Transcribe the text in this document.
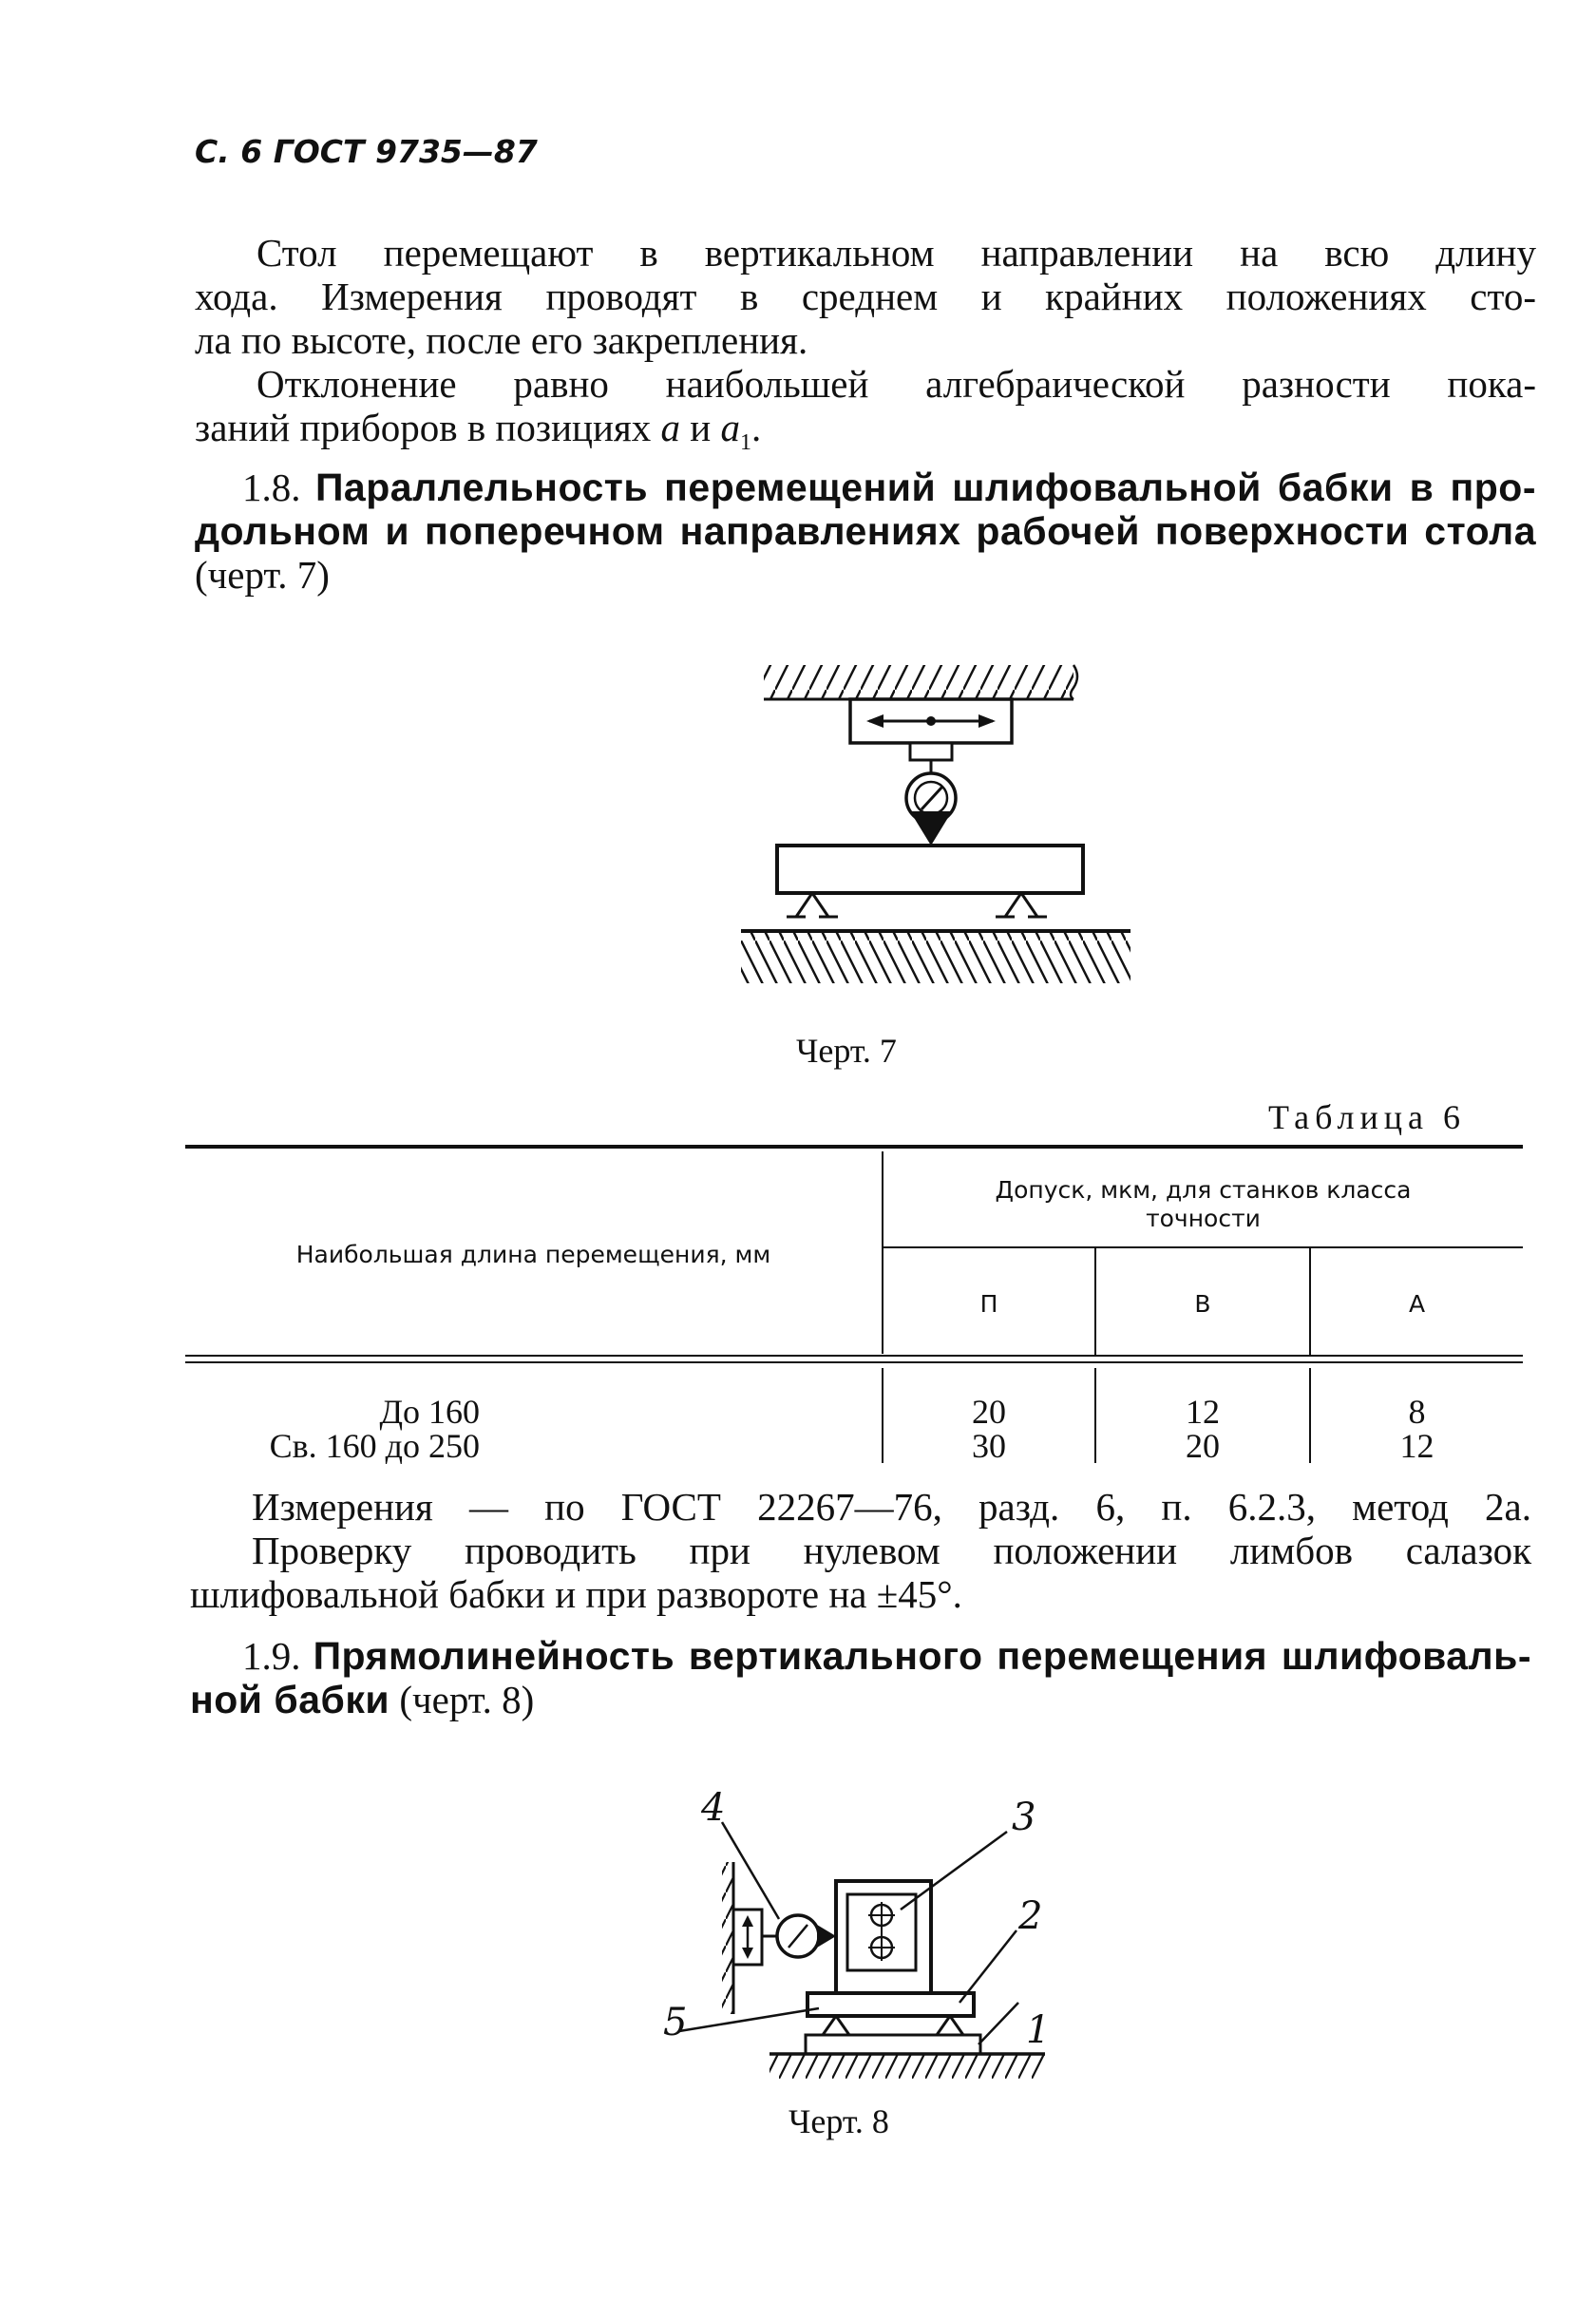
С. 6 ГОСТ 9735—87
Стол перемещают в вертикальном направлении на всю длину
хода. Измерения проводят в среднем и крайних положениях сто-
ла по высоте, после его закрепления.
Отклонение равно наибольшей алгебраической разности пока-
заний приборов в позициях a и $a_1$.
1.8. Параллельность перемещений шлифовальной бабки в про-
дольном и поперечном направлениях рабочей поверхности стола
(черт. 7)
Черт. 7
Таблица 6
Допуск, мкм, для станков класса
точности
Наибольшая длина перемещения, мм
П	В	А
До 160
Св. 160 до 250
20
30
12
20
8
12
Измерения — по ГОСТ 22267—76, разд. 6, п. 6.2.3, метод 2а.
Проверку проводить при нулевом положении лимбов салазок
шлифовальной бабки и при развороте на ±45°.
1.9. Прямолинейность вертикального перемещения шлифоваль-
ной бабки (черт. 8)
1
2
3
4
5
Черт. 8
